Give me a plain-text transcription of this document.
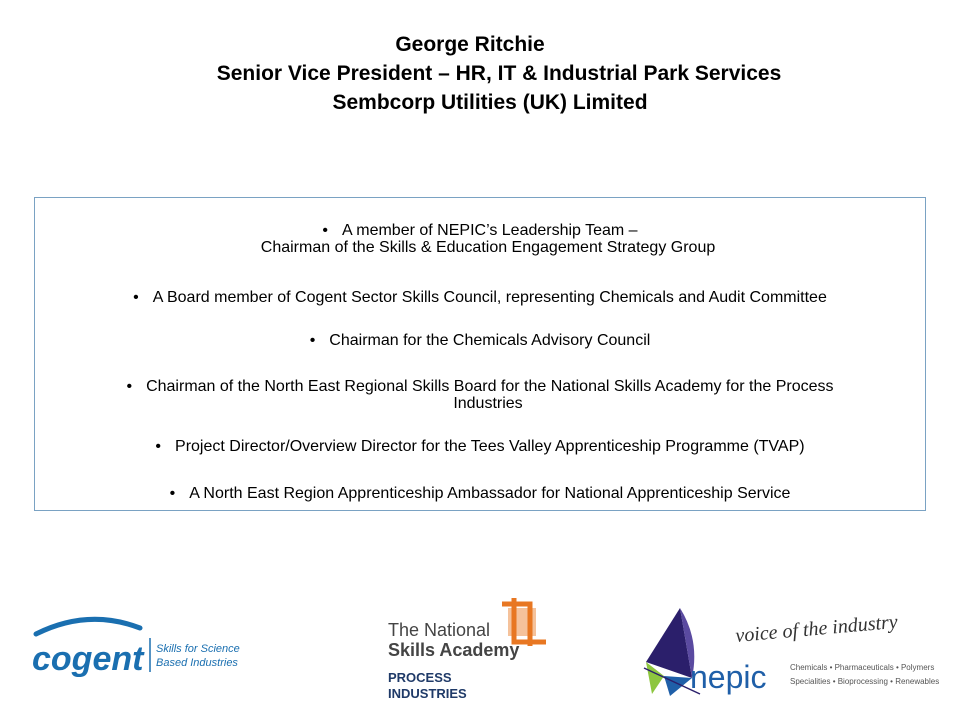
George Ritchie
Senior Vice President – HR, IT & Industrial Park Services
Sembcorp Utilities (UK) Limited
• A member of NEPIC’s Leadership Team –
Chairman of the Skills & Education Engagement Strategy Group
• A Board member of Cogent Sector Skills Council, representing Chemicals and Audit Committee
• Chairman for the Chemicals Advisory Council
• Chairman of the North East Regional Skills Board for the National Skills Academy for the Process
Industries
• Project Director/Overview Director for the Tees Valley Apprenticeship Programme (TVAP)
• A North East Region Apprenticeship Ambassador for National Apprenticeship Service
cogent Skills for Science
Based Industries
The National
Skills Academy
PROCESS
INDUSTRIES
voice of the industry
nepic	Chemicals • Pharmaceuticals • Polymers
Specialities • Bioprocessing • Renewables
